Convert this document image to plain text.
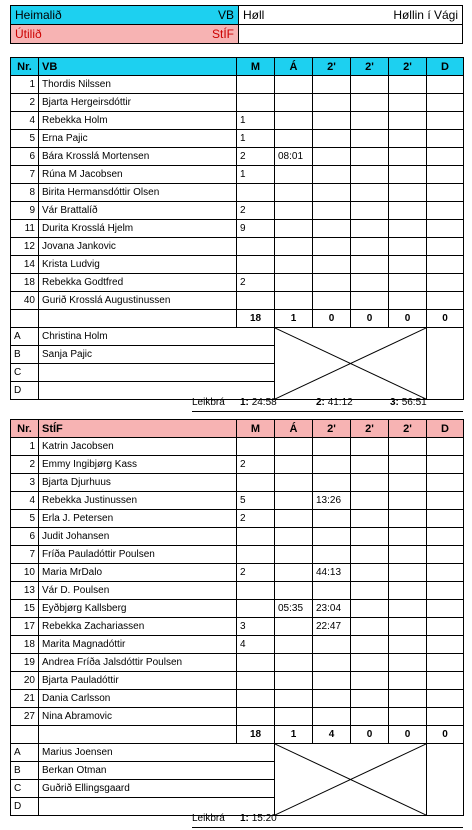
Heimalið VB	Høll Høllin í Vági

Útilið StÍF	

Nr.	VB	M	Á	2'	2'	2'	D
1	Thordis Nilssen						
2	Bjarta Hergeirsdóttir						
4	Rebekka Holm	1					
5	Erna Pajic	1					
6	Bára Krosslá Mortensen	2	08:01				
7	Rúna M Jacobsen	1					
8	Birita Hermansdóttir Olsen						
9	Vár Brattalíð	2					
11	Durita Krosslá Hjelm	9					
12	Jovana Jankovic						
14	Krista Ludvig						
18	Rebekka Godtfred	2					
40	Gurið Krosslá Augustinussen						
		18	1	0	0	0	0
A	Christina Holm	

B	Sanja Pajic						
C							
D							
Leikbrá 1: 24:58	2: 41:12	3: 56:51
Nr.	StÍF	M	Á	2'	2'	2'	D
1	Katrin Jacobsen						
2	Emmy Ingibjørg Kass	2					
3	Bjarta Djurhuus						
4	Rebekka Justinussen	5		13:26			
5	Erla J. Petersen	2					
6	Judit Johansen						
7	Fríða Pauladóttir Poulsen						
10	Maria MrDalo	2		44:13			
13	Vár D. Poulsen						
15	Eyðbjørg Kallsberg		05:35	23:04			
17	Rebekka Zachariassen	3		22:47			
18	Marita Magnadóttir	4					
19	Andrea Fríða Jalsdóttir Poulsen						
20	Bjarta Pauladóttir						
21	Dania Carlsson						
27	Nina Abramovic						
		18	1	4	0	0	0
A	Marius Joensen	

B	Berkan Otman						
C	Guðrið Ellingsgaard						
D							
Leikbrá 1: 15:20
